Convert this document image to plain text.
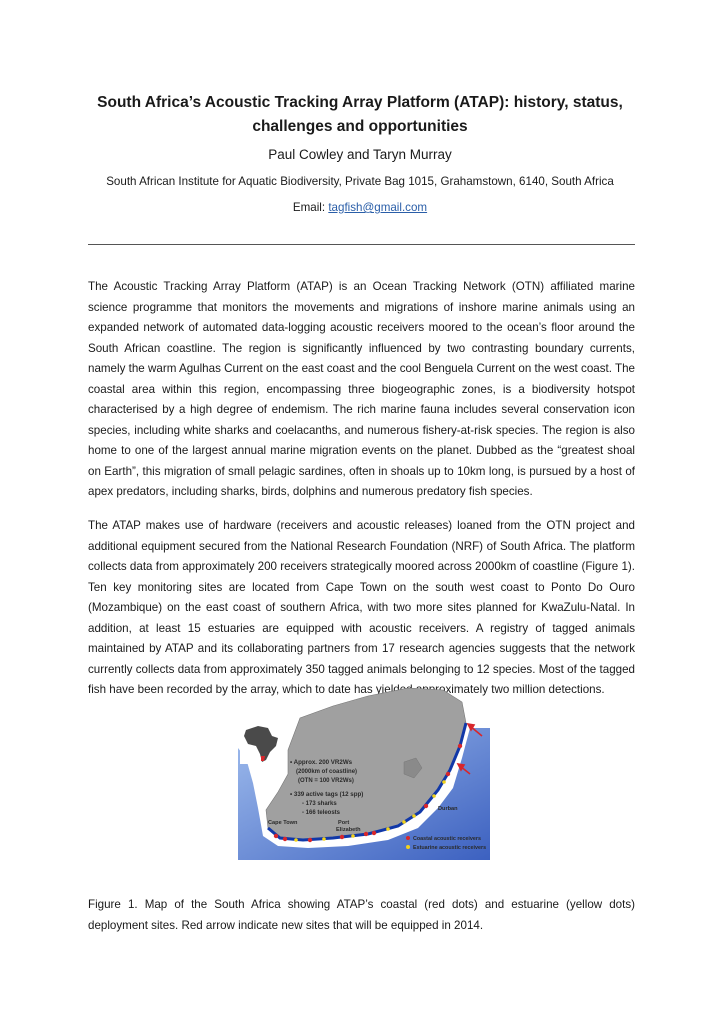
South Africa’s Acoustic Tracking Array Platform (ATAP): history, status, challenges and opportunities
Paul Cowley and Taryn Murray
South African Institute for Aquatic Biodiversity, Private Bag 1015, Grahamstown, 6140, South Africa
Email: tagfish@gmail.com

The Acoustic Tracking Array Platform (ATAP) is an Ocean Tracking Network (OTN) affiliated marine science programme that monitors the movements and migrations of inshore marine animals using an expanded network of automated data-logging acoustic receivers moored to the ocean’s floor around the South African coastline. The region is significantly influenced by two contrasting boundary currents, namely the warm Agulhas Current on the east coast and the cool Benguela Current on the west coast. The coastal area within this region, encompassing three biogeographic zones, is a biodiversity hotspot characterised by a high degree of endemism. The rich marine fauna includes several conservation icon species, including white sharks and coelacanths, and numerous fishery-at-risk species. The region is also home to one of the largest annual marine migration events on the planet. Dubbed as the “greatest shoal on Earth”, this migration of small pelagic sardines, often in shoals up to 10km long, is pursued by a host of apex predators, including sharks, birds, dolphins and numerous predatory fish species.

The ATAP makes use of hardware (receivers and acoustic releases) loaned from the OTN project and additional equipment secured from the National Research Foundation (NRF) of South Africa. The platform collects data from approximately 200 receivers strategically moored across 2000km of coastline (Figure 1). Ten key monitoring sites are located from Cape Town on the south west coast to Ponto Do Ouro (Mozambique) on the east coast of southern Africa, with two more sites planned for KwaZulu-Natal. In addition, at least 15 estuaries are equipped with acoustic receivers. A registry of tagged animals maintained by ATAP and its collaborating partners from 17 research agencies suggests that the network currently collects data from approximately 350 tagged animals belonging to 12 species. Most of the tagged fish have been recorded by the array, which to date has yielded approximately two million detections.

• Approx. 200 VR2Ws
(2000km of coastline)
(OTN = 100 VR2Ws)
• 339 active tags (12 spp)
- 173 sharks
- 166 teleosts
Cape Town	Port
Elizabeth
Durban
Coastal acoustic receivers
Estuarine acoustic receivers

Figure 1. Map of the South Africa showing ATAP’s coastal (red dots) and estuarine (yellow dots) deployment sites. Red arrow indicate new sites that will be equipped in 2014.
